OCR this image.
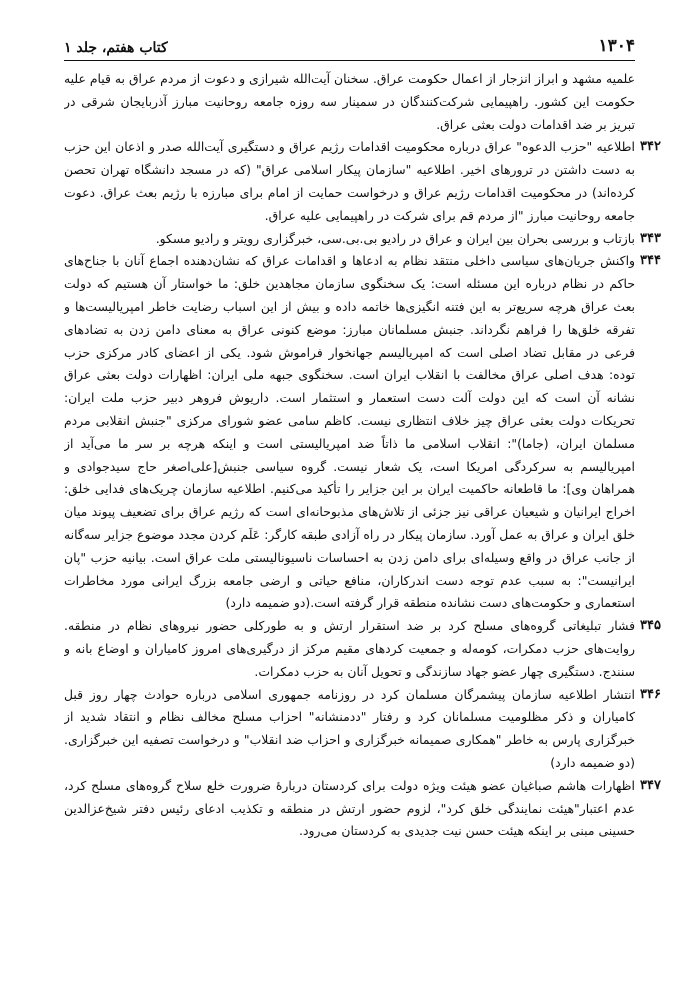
۱۳۰۴
کتاب هفتم، جلد ۱
علمیه مشهد و ابراز انزجار از اعمال حکومت عراق. سخنان آیت‌الله شیرازی و دعوت از مردم عراق به قیام علیه حکومت این کشور. راهپیمایی شرکت‌کنندگان در سمینار سه روزه جامعه روحانیت مبارز آذربایجان شرقی در تبریز بر ضد اقدامات دولت بعثی عراق.
۳۴۲
اطلاعیه "حزب الدعوه" عراق درباره محکومیت اقدامات رژیم عراق و دستگیری آیت‌الله صدر و اذعان این حزب به دست داشتن در ترورهای اخیر. اطلاعیه "سازمان پیکار اسلامی عراق" (که در مسجد دانشگاه تهران تحصن کرده‌اند) در محکومیت اقدامات رژیم عراق و درخواست حمایت از امام برای مبارزه با رژیم بعث عراق. دعوت جامعه روحانیت مبارز "از مردم قم برای شرکت در راهپیمایی علیه عراق.
۳۴۳
بازتاب و بررسی بحران بین ایران و عراق در رادیو بی.بی.سی، خبرگزاری رویتر و رادیو مسکو.
۳۴۴
واکنش جریان‌های سیاسی داخلی منتقد نظام به ادعاها و اقدامات عراق که نشان‌دهنده اجماع آنان با جناح‌های حاکم در نظام درباره این مسئله است: یک سخنگوی سازمان مجاهدین خلق: ما خواستار آن هستیم که دولت بعث عراق هرچه سریع‌تر به این فتنه انگیزی‌ها خاتمه داده و بیش از این اسباب رضایت خاطر امپریالیست‌ها و تفرقه خلق‌ها را فراهم نگرداند. جنبش مسلمانان مبارز: موضع کنونی عراق به معنای دامن زدن به تضادهای فرعی در مقابل تضاد اصلی است که امپریالیسم جهانخوار فراموش شود. یکی از اعضای کادر مرکزی حزب توده: هدف اصلی عراق مخالفت با انقلاب ایران است. سخنگوی جبهه ملی ایران: اظهارات دولت بعثی عراق نشانه آن است که این دولت آلت دست استعمار و استثمار است. داریوش فروهر دبیر حزب ملت ایران: تحریکات دولت بعثی عراق چیز خلاف انتظاری نیست. کاظم سامی عضو شورای مرکزی "جنبش انقلابی مردم مسلمان ایران، (جاما)": انقلاب اسلامی ما ذاتاً ضد امپریالیستی است و اینکه هرچه بر سر ما می‌آید از امپریالیسم به سرکردگی امریکا است، یک شعار نیست. گروه سیاسی جنبش[علی‌اصغر حاج سیدجوادی و همراهان وی]: ما قاطعانه حاکمیت ایران بر این جزایر را تأکید می‌کنیم. اطلاعیه سازمان چریک‌های فدایی خلق: اخراج ایرانیان و شیعیان عراقی نیز جزئی از تلاش‌های مذبوحانه‌ای است که رژیم عراق برای تضعیف پیوند میان خلق ایران و عراق به عمل آورد. سازمان پیکار در راه آزادی طبقه کارگر: عَلَم کردن مجدد موضوع جزایر سه‌گانه از جانب عراق در واقع وسیله‌ای برای دامن زدن به احساسات ناسیونالیستی ملت عراق است. بیانیه حزب "پان ایرانیست": به سبب عدم توجه دست اندرکاران، منافع حیاتی و ارضی جامعه بزرگ ایرانی مورد مخاطرات استعماری و حکومت‌های دست نشانده منطقه قرار گرفته است.(دو ضمیمه دارد)
۳۴۵
فشار تبلیغاتی گروه‌های مسلح کرد بر ضد استقرار ارتش و به طورکلی حضور نیروهای نظام در منطقه. روایت‌های حزب دمکرات، کومه‌له و جمعیت کردهای مقیم مرکز از درگیری‌های امروز کامیاران و اوضاع بانه و سنندج. دستگیری چهار عضو جهاد سازندگی و تحویل آنان به حزب دمکرات.
۳۴۶
انتشار اطلاعیه سازمان پیشمرگان مسلمان کرد در روزنامه جمهوری اسلامی درباره حوادث چهار روز قبل کامیاران و ذکر مظلومیت مسلمانان کرد و رفتار "ددمنشانه" احزاب مسلح مخالف نظام و انتقاد شدید از خبرگزاری پارس به خاطر "همکاری صمیمانه خبرگزاری و احزاب ضد انقلاب" و درخواست تصفیه این خبرگزاری.(دو ضمیمه دارد)
۳۴۷
اظهارات هاشم صباغیان عضو هیئت ویژه دولت برای کردستان دربارهٔ ضرورت خلع سلاح گروه‌های مسلح کرد، عدم اعتبار"هیئت نمایندگی خلق کرد"، لزوم حضور ارتش در منطقه و تکذیب ادعای رئیس دفتر شیخ‌عزالدین حسینی مبنی بر اینکه هیئت حسن نیت جدیدی به کردستان می‌رود.
